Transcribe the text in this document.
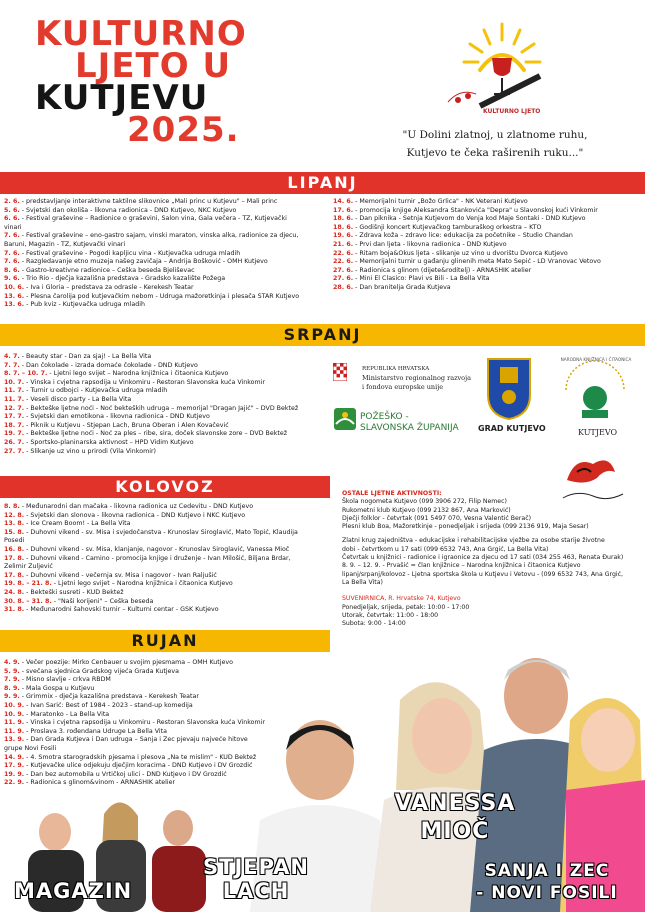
KULTURNO
LJETO U
KUTJEVU
2025.	KULTURNO LJETO
"U Dolini zlatnoj, u zlatnome ruhu,
Kutjevo te čeka raširenih ruku..."
LIPANJ
2. 6. - predstavljanje interaktivne taktilne slikovnice „Mali princ u Kutjevu" – Mali princ
5. 6. - Svjetski dan okoliša - likovna radionica - DND Kutjevo, NKČ Kutjevo
6. 6. - Festival graševine – Radionice o graševini, Salon vina, Gala večera - TZ, Kutjevački
vinari
7. 6. - Festival graševine – eno-gastro sajam, vinski maraton, vinska alka, radionice za djecu,
Baruni, Magazin - TZ, Kutjevački vinari
7. 6. - Festival graševine - Pogodi kapljicu vina - Kutjevačka udruga mladih
7. 6. - Razgledavanje etno muzeja našeg zavičaja – Andrija Bošković - OMH Kutjevo
8. 6. - Gastro-kreativne radionice – Češka beseda Bjeliševac
9. 6. - Trio Rio - dječja kazališna predstava - Gradsko kazalište Požega
10. 6. - Iva i Gloria – predstava za odrasle - Kerekesh Teatar
13. 6. - Plesna čarolija pod kutjevačkim nebom - Udruga mažoretkinja i plesača STAR Kutjevo
13. 6. - Pub kviz - Kutjevačka udruga mladih
14. 6. - Memorijalni turnir „Božo Grlica" - NK Veterani Kutjevo
17. 6. - promocija knjige Aleksandra Stankovića "Depra" u Slavonskoj kući Vinkomir
18. 6. - Dan piknika - Šetnja Kutjevom do Venja kod Maje Sontaki - DND Kutjevo
18. 6. - Godišnji koncert Kutjevačkog tamburaškog orkestra – KTO
19. 6. - Zdrava koža – zdravo lice: edukacija za početnike – Studio Chandan
21. 6. - Prvi dan ljeta - likovna radionica - DND Kutjevo
22. 6. - Ritam boja&Okus ljeta - slikanje uz vino u dvorištu Dvorca Kutjevo
22. 6. - Memorijalni turnir u gađanju glinenih meta Mato Šepić - LD Vranovac Vetovo
27. 6. - Radionica s glinom (dijete&roditelj) - ARNASHIK atelier
27. 6. - Mini El Clasico: Plavi vs Bili - La Bella Vita
28. 6. - Dan branitelja Grada Kutjeva
SRPANJ
4. 7. - Beauty star - Dan za sjaj! - La Bella Vita
7. 7. - Dan čokolade - izrada domaće čokolade - DND Kutjevo
8. 7. – 10. 7. - Ljetni lego svijet – Narodna knjižnica i čitaonica Kutjevo
10. 7. - Vinska i cvjetna rapsodija u Vinkomiru - Restoran Slavonska kuća Vinkomir
11. 7. - Turnir u odbojci - Kutjevačka udruga mladih
11. 7. - Veseli disco party - La Bella Vita
12. 7. - Bekteške ljetne noći - Noć bekteških udruga – memorijal "Dragan Jajić" – DVD Bektež
17. 7. - Svjetski dan emotikona - likovna radionica - DND Kutjevo
18. 7. - Piknik u Kutjevu - Stjepan Lach, Bruna Oberan i Alen Kovačević
19. 7. - Bekteške ljetne noći - Noć za ples – ribe, sira, doček slavonske zore – DVD Bektež
26. 7. - Sportsko-planinarska aktivnost – HPD Vidim Kutjevo
27. 7. - Slikanje uz vino u prirodi (Vila Vinkomir)
REPUBLIKA HRVATSKA
Ministarstvo regionalnog razvoja
i fondova europske unije
POŽEŠKO -
SLAVONSKA ŽUPANIJA GRAD KUTJEVO
NARODNA KNJIŽNICA I ČITAONICA
KUTJEVO
KOLOVOZ
8. 8. - Međunarodni dan mačaka - likovna radionica uz Čedevitu - DND Kutjevo
12. 8. - Svjetski dan slonova - likovna radionica - DND Kutjevo i NKČ Kutjevo
13. 8. - Ice Cream Boom! - La Bella Vita
15. 8. - Duhovni vikend - sv. Misa i svjedočanstva - Krunoslav Siroglavić, Mato Topić, Klaudija
Posedi
16. 8. - Duhovni vikend - sv. Misa, klanjanje, nagovor - Krunoslav Siroglavić, Vanessa Mioč
17. 8. - Duhovni vikend - Camino - promocija knjige i druženje - Ivan Milošić, Biljana Brdar,
Želimir Žuljević
17. 8. - Duhovni vikend - večernja sv. Misa i nagovor - Ivan Raljušić
19. 8. – 21. 8. - Ljetni lego svijet – Narodna knjižnica i čitaonica Kutjevo
24. 8. - Bekteški susreti - KUD Bektež
30. 8. – 31. 8. - "Naši korijeni" – Češka beseda
31. 8. - Međunarodni šahovski turnir – Kulturni centar - GŠK Kutjevo
OSTALE LJETNE AKTIVNOSTI:
Škola nogometa Kutjevo (099 3906 272, Filip Nemec)
Rukometni klub Kutjevo (099 2132 867, Ana Marković)
Dječji folklor - četvrtak (091 5497 070, Vesna Valentić Berač)
Plesni klub Boa, Mažoretkinje - ponedjeljak i srijeda (099 2136 919, Maja Sesar)
Zlatni krug zajedništva - edukacijske i rehabilitacijske vježbe za osobe starije životne
dobi - četvrtkom u 17 sati (099 6532 743, Ana Grgić, La Bella Vita)
Četvrtak u knjižnici - radionice i igraonice za djecu od 17 sati (034 255 463, Renata Đurak)
8. 9. – 12. 9. - Prvašić = član knjižnice – Narodna knjižnica i čitaonica Kutjevo
lipanj/srpanj/kolovoz - Ljetna sportska škola u Kutjevu i Vetovu - (099 6532 743, Ana Grgić,
La Bella Vita)
SUVENIRNICA, R. Hrvatske 74, Kutjevo
Ponedjeljak, srijeda, petak: 10:00 - 17:00
Utorak, četvrtak: 11:00 - 18:00
Subota: 9:00 - 14:00
RUJAN
4. 9. - Večer poezije: Mirko Cenbauer u svojim pjesmama – OMH Kutjevo
5. 9. - svečana sjednica Gradskog vijeća Grada Kutjeva
7. 9. - Misno slavlje - crkva RBDM
8. 9. - Mala Gospa u Kutjevu
9. 9. - Grimmix - dječja kazališna predstava - Kerekesh Teatar
10. 9. - Ivan Šarić: Best of 1984 - 2023 - stand-up komedija
10. 9. - Maratonko - La Bella Vita
11. 9. - Vinska i cvjetna rapsodija u Vinkomiru - Restoran Slavonska kuća Vinkomir
11. 9. - Proslava 3. rođendana Udruge La Bella Vita
13. 9. - Dan Grada Kutjeva i Dan udruga – Sanja i Zec pjevaju najveće hitove
grupe Novi Fosili
14. 9. - 4. Smotra starogradskih pjesama i plesova „Na te mislim" - KUD Bektež
17. 9. - Kutjevačke ulice odjekuju dječjim koracima - DND Kutjevo i DV Grozdić
19. 9. - Dan bez automobila u Vrtičkoj ulici - DND Kutjevo i DV Grozdić
22. 9. - Radionica s glinom&vinom - ARNASHIK atelier
MAGAZIN
STJEPAN
LACH
VANESSA
MIOČ
SANJA I ZEC
- NOVI FOSILI
